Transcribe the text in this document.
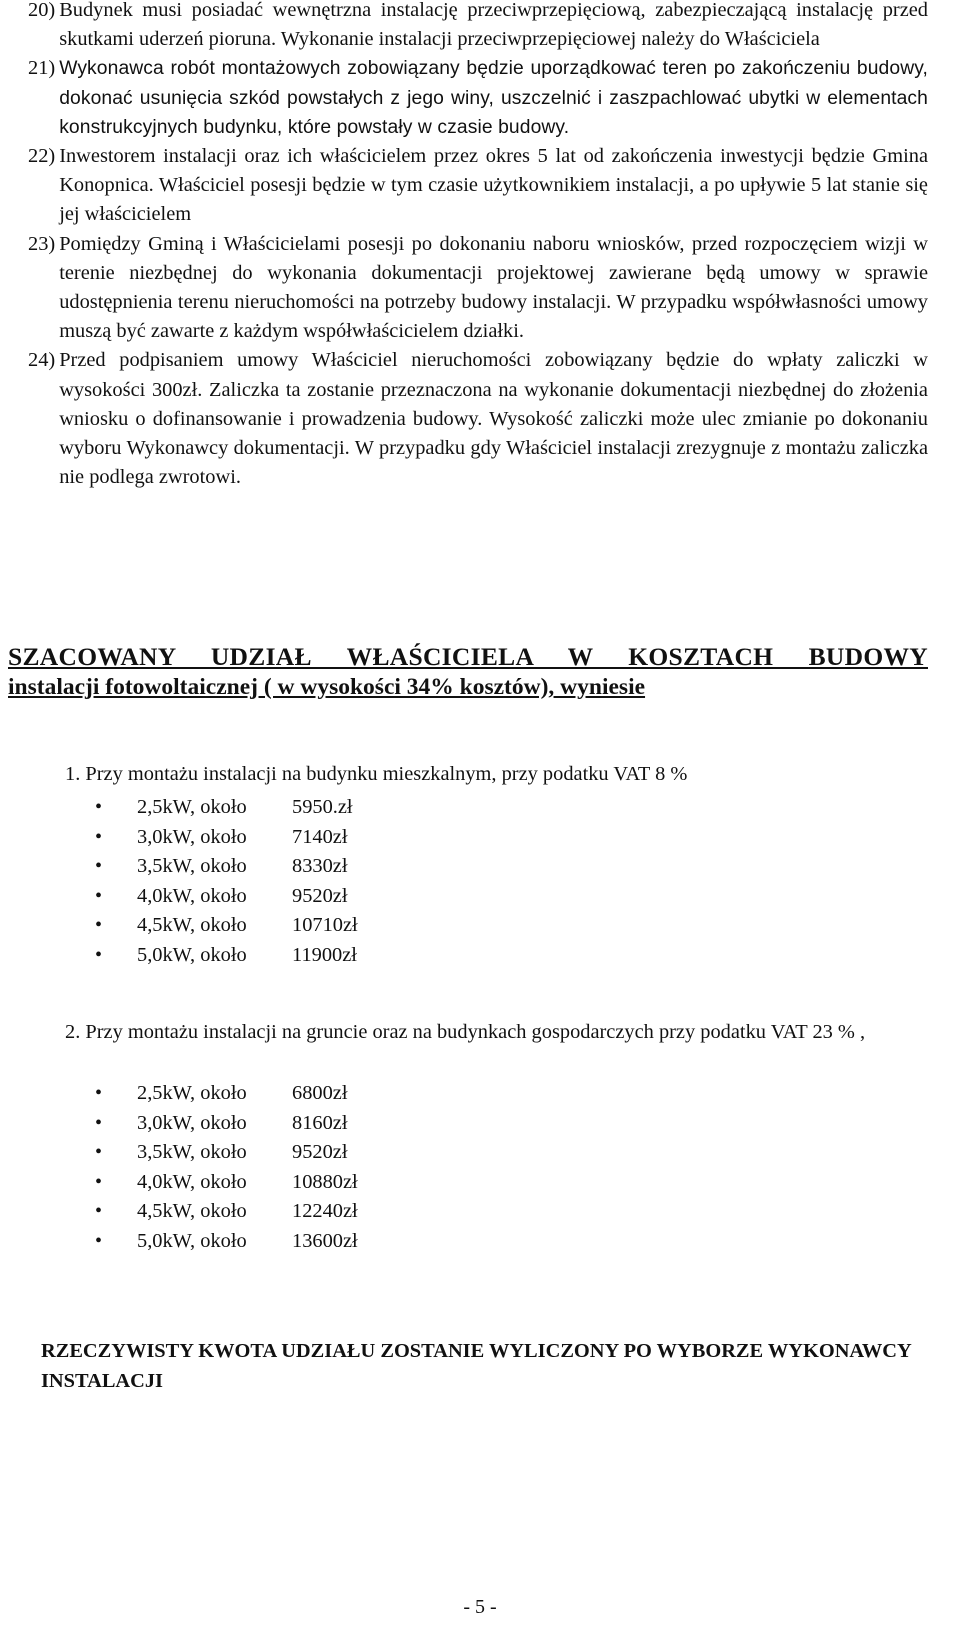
20) Budynek musi posiadać wewnętrzna instalację przeciwprzepięciową, zabezpieczającą instalację przed skutkami uderzeń pioruna. Wykonanie instalacji przeciwprzepięciowej należy do Właściciela
21) Wykonawca robót montażowych zobowiązany będzie uporządkować teren po zakończeniu budowy, dokonać usunięcia szkód powstałych z jego winy, uszczelnić i zaszpachlować ubytki w elementach konstrukcyjnych budynku, które powstały w czasie budowy.
22) Inwestorem instalacji oraz ich właścicielem przez okres 5 lat od zakończenia inwestycji będzie Gmina Konopnica. Właściciel posesji będzie w tym czasie użytkownikiem instalacji, a po upływie 5 lat stanie się jej właścicielem
23) Pomiędzy Gminą i Właścicielami posesji po dokonaniu naboru wniosków, przed rozpoczęciem wizji w terenie niezbędnej do wykonania dokumentacji projektowej zawierane będą umowy w sprawie udostępnienia terenu nieruchomości na potrzeby budowy instalacji. W przypadku współwłasności umowy muszą być zawarte z każdym współwłaścicielem działki.
24) Przed podpisaniem umowy Właściciel nieruchomości zobowiązany będzie do wpłaty zaliczki w wysokości 300zł. Zaliczka ta zostanie przeznaczona na wykonanie dokumentacji niezbędnej do złożenia wniosku o dofinansowanie i prowadzenia budowy. Wysokość zaliczki może ulec zmianie po dokonaniu wyboru Wykonawcy dokumentacji. W przypadku gdy Właściciel instalacji zrezygnuje z montażu zaliczka nie podlega zwrotowi.
SZACOWANY UDZIAŁ WŁAŚCICIELA W KOSZTACH BUDOWY
instalacji fotowoltaicznej ( w wysokości 34% kosztów), wyniesie
1. Przy montażu instalacji na budynku mieszkalnym, przy podatku VAT 8 %
•	2,5kW, około	5950.zł
•	3,0kW, około	7140zł
•	3,5kW, około	8330zł
•	4,0kW, około	9520zł
•	4,5kW, około	10710zł
•	5,0kW, około	11900zł
2. Przy montażu instalacji na gruncie oraz na budynkach gospodarczych przy podatku VAT 23 % ,
•	2,5kW, około	6800zł
•	3,0kW, około	8160zł
•	3,5kW, około	9520zł
•	4,0kW, około	10880zł
•	4,5kW, około	12240zł
•	5,0kW, około	13600zł
RZECZYWISTY KWOTA UDZIAŁU ZOSTANIE WYLICZONY PO WYBORZE WYKONAWCY INSTALACJI
- 5 -
